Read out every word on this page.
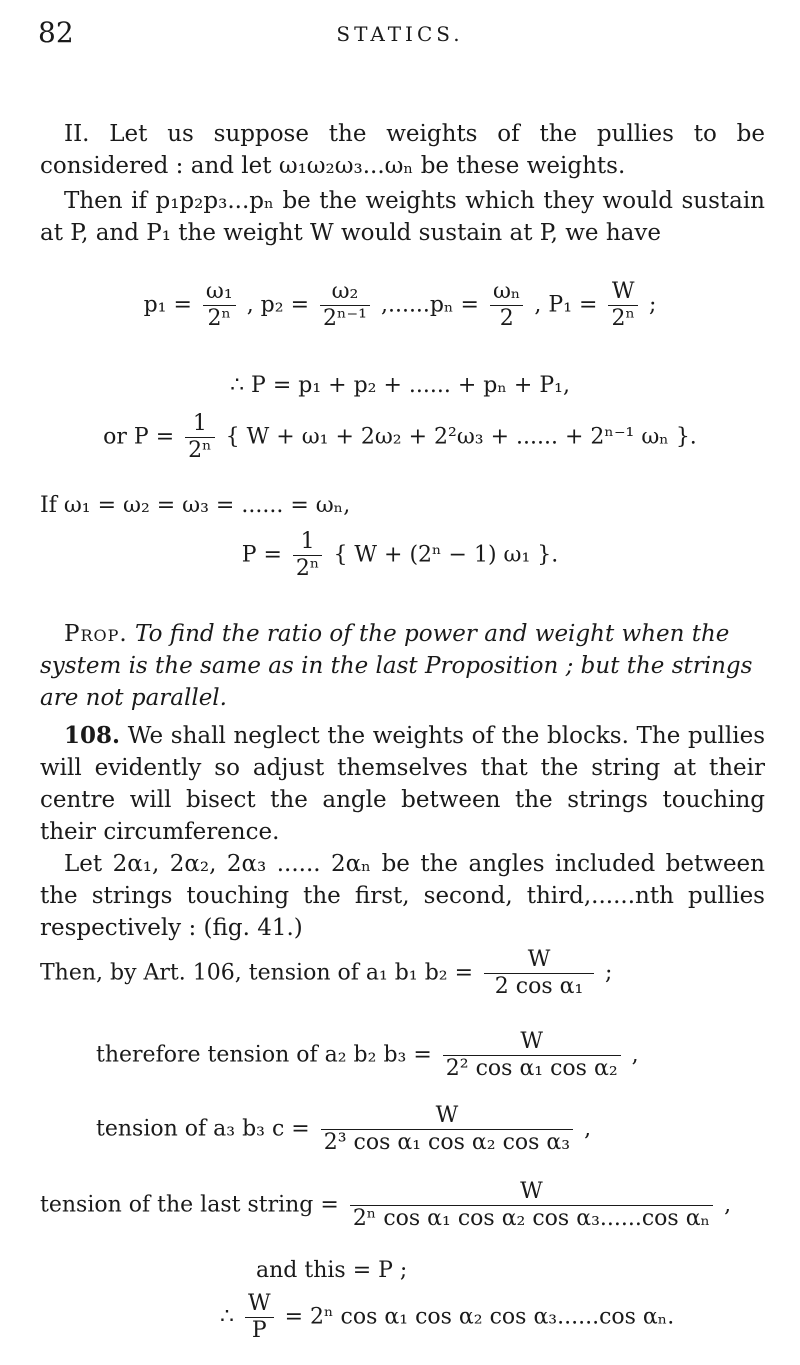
82	STATICS.
II. Let us suppose the weights of the pullies to be considered : and let ω₁ω₂ω₃...ωₙ be these weights.
Then if p₁p₂p₃...pₙ be the weights which they would sustain at P, and P₁ the weight W would sustain at P, we have
$p_1 = \frac{\text{ω₁}}{\text{2ⁿ}}$ , $p_2 = \frac{\text{ω₂}}{\text{2ⁿ⁻¹}} ,......p_n = \frac{\text{ωₙ}}{2}$ , $P_1 = \frac{W}{\text{2ⁿ}}$ ;
∴ P = p₁ + p₂ + ...... + pₙ + P₁,
or $P = \frac{1}{\text{2ⁿ}}$ { W + ω₁ + 2ω₂ + 2²ω₃ + ...... + 2ⁿ⁻¹ ωₙ }.
If ω₁ = ω₂ = ω₃ = ...... = ωₙ,
$P = \frac{1}{\text{2ⁿ}}$ { W + (2ⁿ − 1) ω₁ }.
Prop. To find the ratio of the power and weight when the system is the same as in the last Proposition ; but the strings are not parallel.
108. We shall neglect the weights of the blocks. The pullies will evidently so adjust themselves that the string at their centre will bisect the angle between the strings touching their circumference.
Let 2α₁, 2α₂, 2α₃ ...... 2αₙ be the angles included between the strings touching the first, second, third,......nth pullies respectively : (fig. 41.)
Then, by Art. 106, tension of a₁ b₁ $b_2 = \frac{W}{\text{2 cos α₁}}$ ;
therefore tension of a₂ b₂ $b_3 = \frac{W}{\text{2² cos α₁ cos α₂}}$ ,
tension of a₃ b₃ $c = \frac{W}{\text{2³ cos α₁ cos α₂ cos α₃}}$ ,
tension of the last string = $\frac{W}{\text{2ⁿ cos α₁ cos α₂ cos α₃......cos αₙ}}$ ,
and this = P ;
∴ $\frac{W}{P} = 2^n$ cos α₁ cos α₂ cos α₃......cos αₙ.
